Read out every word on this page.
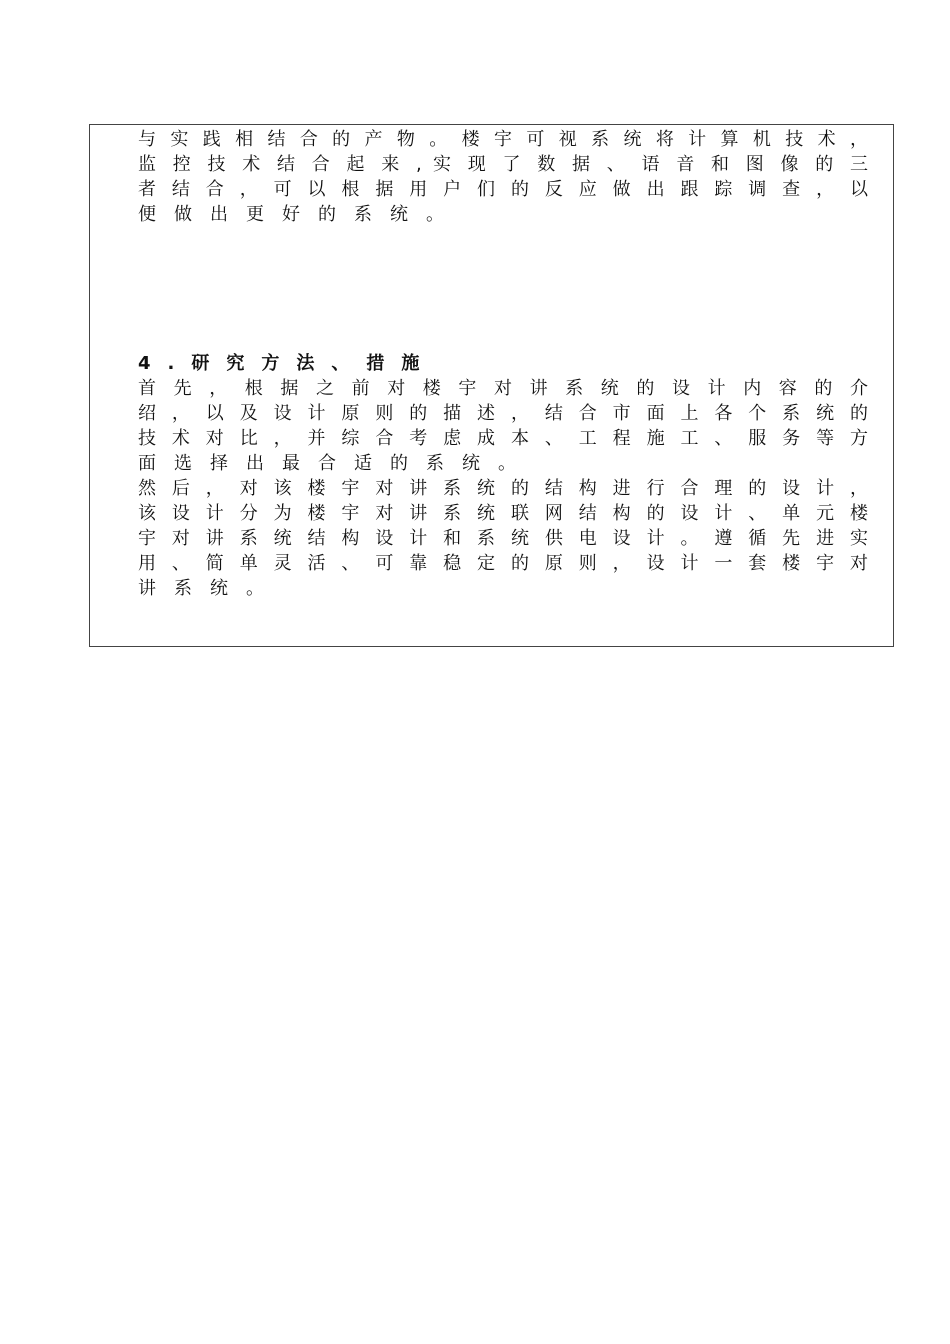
与 实 践 相 结 合 的 产 物 。 楼 宇 可 视 系 统 将 计 算 机 技 术 ，
监 控 技 术 结 合 起 来 , 实 现 了 数 据 、 语 音 和 图 像 的 三
者 结 合 ， 可 以 根 据 用 户 们 的 反 应 做 出 跟 踪 调 查 ， 以
便做出更好的系统。
4.研究方法、措施
首 先 ， 根 据 之 前 对 楼 宇 对 讲 系 统 的 设 计 内 容 的 介
绍 ， 以 及 设 计 原 则 的 描 述 ， 结 合 市 面 上 各 个 系 统 的
技 术 对 比 ， 并 综 合 考 虑 成 本 、 工 程 施 工 、 服 务 等 方
面选择出最合适的系统。
然 后 ， 对 该 楼 宇 对 讲 系 统 的 结 构 进 行 合 理 的 设 计 ，
该 设 计 分 为 楼 宇 对 讲 系 统 联 网 结 构 的 设 计 、 单 元 楼
宇 对 讲 系 统 结 构 设 计 和 系 统 供 电 设 计 。 遵 循 先 进 实
用 、 简 单 灵 活 、 可 靠 稳 定 的 原 则 ， 设 计 一 套 楼 宇 对
讲系统。
